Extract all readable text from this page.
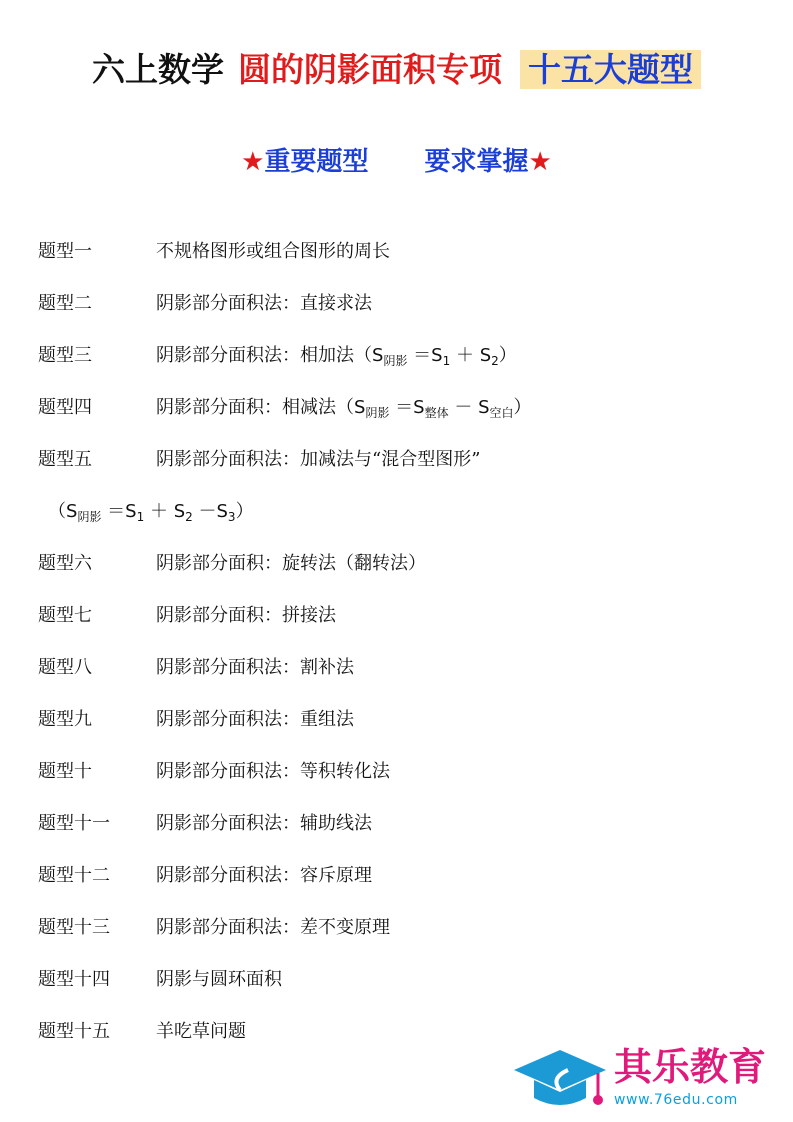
六上数学 圆的阴影面积专项 十五大题型
★重要题型 要求掌握★
题型一	不规格图形或组合图形的周长
题型二	阴影部分面积法：直接求法
题型三	阴影部分面积法：相加法$(S_{阴影} =S_1 + S_2)$
题型四	阴影部分面积：相减法$(S_{阴影} =S_{整体} - S_{空白})$
题型五	阴影部分面积法：加减法与“混合型图形”
$(S_{阴影} =S_1 + S_2 -S_3)$
题型六	阴影部分面积：旋转法（翻转法）
题型七	阴影部分面积：拼接法
题型八	阴影部分面积法：割补法
题型九	阴影部分面积法：重组法
题型十	阴影部分面积法：等积转化法
题型十一	阴影部分面积法：辅助线法
题型十二	阴影部分面积法：容斥原理
题型十三	阴影部分面积法：差不变原理
题型十四	阴影与圆环面积
题型十五	羊吃草问题
其乐教育
www.76edu.com
